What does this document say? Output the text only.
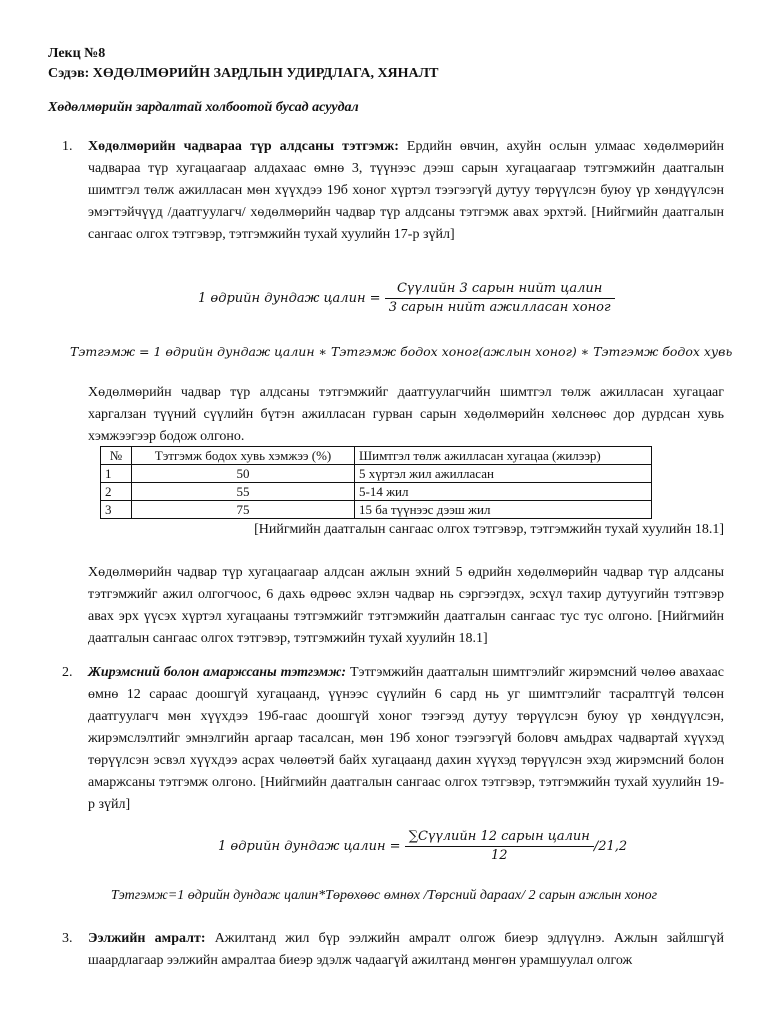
Лекц №8
Сэдэв: ХӨДӨЛМӨРИЙН ЗАРДЛЫН УДИРДЛАГА, ХЯНАЛТ
Хөдөлмөрийн зардалтай холбоотой бусад асуудал
1. Хөдөлмөрийн чадвараа түр алдсаны тэтгэмж: Ердийн өвчин, ахуйн ослын улмаас хөдөлмөрийн чадвараа түр хугацаагаар алдахаас өмнө 3, түүнээс дээш сарын хугацаагаар тэтгэмжийн даатгалын шимтгэл төлж ажилласан мөн хүүхдээ 19б хоног хүртэл тээгээгүй дутуу төрүүлсэн буюу үр хөндүүлсэн эмэгтэйчүүд /даатгуулагч/ хөдөлмөрийн чадвар түр алдсаны тэтгэмж авах эрхтэй. [Нийгмийн даатгалын сангаас олгох тэтгэвэр, тэтгэмжийн тухай хуулийн 17-р зүйл]
1 өдрийн дундаж цалин = $\frac{\text{Сүүлийн 3 сарын нийт цалин}}{\text{3 сарын нийт ажилласан хоног}}$
Тэтгэмж = 1 өдрийн дундаж цалин ∗ Тэтгэмж бодох хоног(ажлын хоног) ∗ Тэтгэмж бодох хувь
Хөдөлмөрийн чадвар түр алдсаны тэтгэмжийг даатгуулагчийн шимтгэл төлж ажилласан хугацааг харгалзан түүний сүүлийн бүтэн ажилласан гурван сарын хөдөлмөрийн хөлснөөс дор дурдсан хувь хэмжээгээр бодож олгоно.
№	Тэтгэмж бодох хувь хэмжээ (%)	Шимтгэл төлж ажилласан хугацаа (жилээр)
1	50	5 хүртэл жил ажилласан
2	55	5-14 жил
3	75	15 ба түүнээс дээш жил
[Нийгмийн даатгалын сангаас олгох тэтгэвэр, тэтгэмжийн тухай хуулийн 18.1]
Хөдөлмөрийн чадвар түр хугацаагаар алдсан ажлын эхний 5 өдрийн хөдөлмөрийн чадвар түр алдсаны тэтгэмжийг ажил олгогчоос, 6 дахь өдрөөс эхлэн чадвар нь сэргээгдэх, эсхүл тахир дутуугийн тэтгэвэр авах эрх үүсэх хүртэл хугацааны тэтгэмжийг тэтгэмжийн даатгалын сангаас тус тус олгоно. [Нийгмийн даатгалын сангаас олгох тэтгэвэр, тэтгэмжийн тухай хуулийн 18.1]
2. Жирэмсний болон амаржсаны тэтгэмж: Тэтгэмжийн даатгалын шимтгэлийг жирэмсний чөлөө авахаас өмнө 12 сараас доошгүй хугацаанд, үүнээс сүүлийн 6 сард нь уг шимтгэлийг тасралтгүй төлсөн даатгуулагч мөн хүүхдээ 19б-гаас доошгүй хоног тээгээд дутуу төрүүлсэн буюу үр хөндүүлсэн, жирэмслэлтийг эмнэлгийн аргаар тасалсан, мөн 19б хоног тээгээгүй боловч амьдрах чадвартай хүүхэд төрүүлсэн эсвэл хүүхдээ асрах чөлөөтэй байх хугацаанд дахин хүүхэд төрүүлсэн эхэд жирэмсний болон амаржсаны тэтгэмж олгоно. [Нийгмийн даатгалын сангаас олгох тэтгэвэр, тэтгэмжийн тухай хуулийн 19-р зүйл]
1 өдрийн дундаж цалин = $\frac{\text{∑Сүүлийн 12 сарын цалин}}{12} /21,2$
Тэтгэмж=1 өдрийн дундаж цалин*Төрөхөөс өмнөх /Төрсний дараах/ 2 сарын ажлын хоног
3. Ээлжийн амралт: Ажилтанд жил бүр ээлжийн амралт олгож биеэр эдлүүлнэ. Ажлын зайлшгүй шаардлагаар ээлжийн амралтаа биеэр эдэлж чадаагүй ажилтанд мөнгөн урамшуулал олгож
